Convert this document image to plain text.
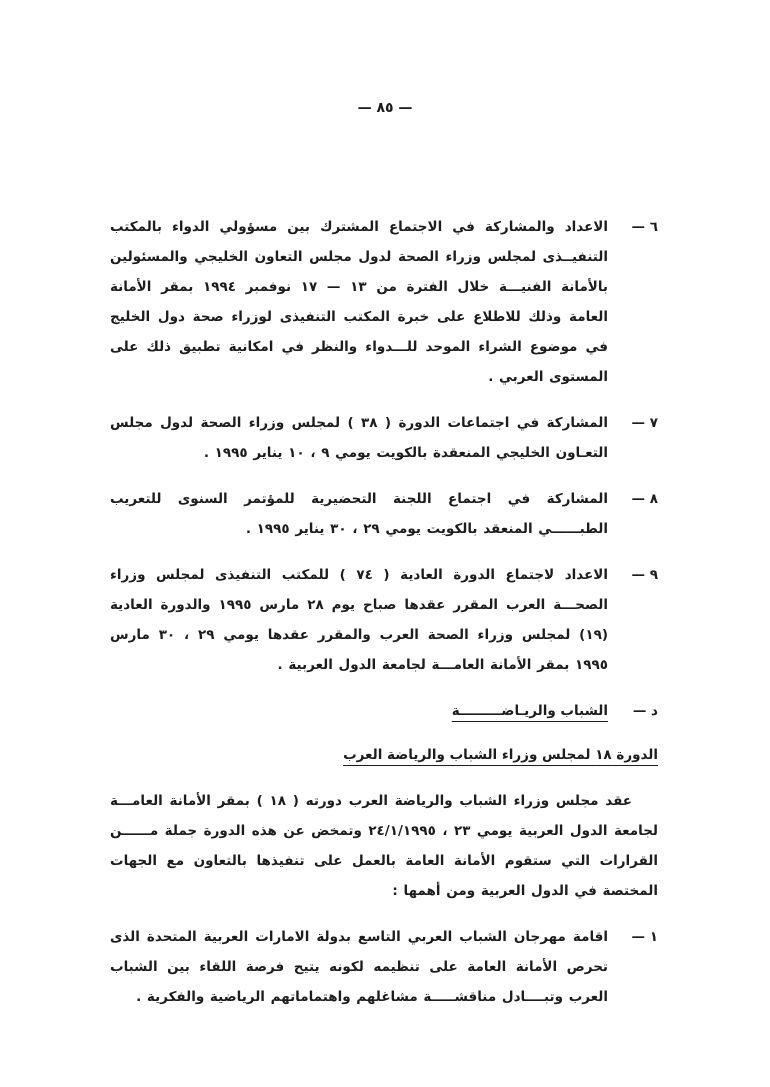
— ٨٥ —
٦ —

الاعداد والمشاركة في الاجتماع المشترك بين مسؤولي الدواء بالمكتب التنفيــذى لمجلس وزراء الصحة لدول مجلس التعاون الخليجي والمسئولين بالأمانة الفنيـــة خلال الفترة من ١٣ — ١٧ نوفمبر ١٩٩٤ بمقر الأمانة العامة وذلك للاطلاع على خبرة المكتب التنفيذى لوزراء صحة دول الخليج في موضوع الشراء الموحد للـــدواء والنظر في امكانية تطبيق ذلك على المستوى العربي .

٧ —

المشاركة في اجتماعات الدورة ( ٣٨ ) لمجلس وزراء الصحة لدول مجلس التعـاون الخليجي المنعقدة بالكويت يومي ٩ ، ١٠ يناير ١٩٩٥ .

٨ —

المشاركة في اجتماع اللجنة التحضيرية للمؤتمر السنوى للتعريب الطبــــــي المنعقد بالكويت يومي ٢٩ ، ٣٠ يناير ١٩٩٥ .

٩ —

الاعداد لاجتماع الدورة العادية ( ٧٤ ) للمكتب التنفيذى لمجلس وزراء الصحـــة العرب المقرر عقدها صباح يوم ٢٨ مارس ١٩٩٥ والدورة العادية (١٩) لمجلس وزراء الصحة العرب والمقرر عقدها يومي ٢٩ ، ٣٠ مارس ١٩٩٥ بمقر الأمانة العامـــة لجامعة الدول العربية .

د —
الشباب والريـاضـــــــــة
الدورة ١٨ لمجلس وزراء الشباب والرياضة العرب

عقد مجلس وزراء الشباب والرياضة العرب دورته ( ١٨ ) بمقر الأمانة العامـــة لجامعة الدول العربية يومي ٢٣ ، ٢٤/١/١٩٩٥ وتمخض عن هذه الدورة جملة مــــــن القرارات التي ستقوم الأمانة العامة بالعمل على تنفيذها بالتعاون مع الجهات المختصة في الدول العربية ومن أهمها :

١ —

اقامة مهرجان الشباب العربي التاسع بدولة الامارات العربية المتحدة الذى تحرص الأمانة العامة على تنظيمه لكونه يتيح فرصة اللقاء بين الشباب العرب وتبــــادل مناقشـــــة مشاغلهم واهتماماتهم الرياضية والفكرية .
